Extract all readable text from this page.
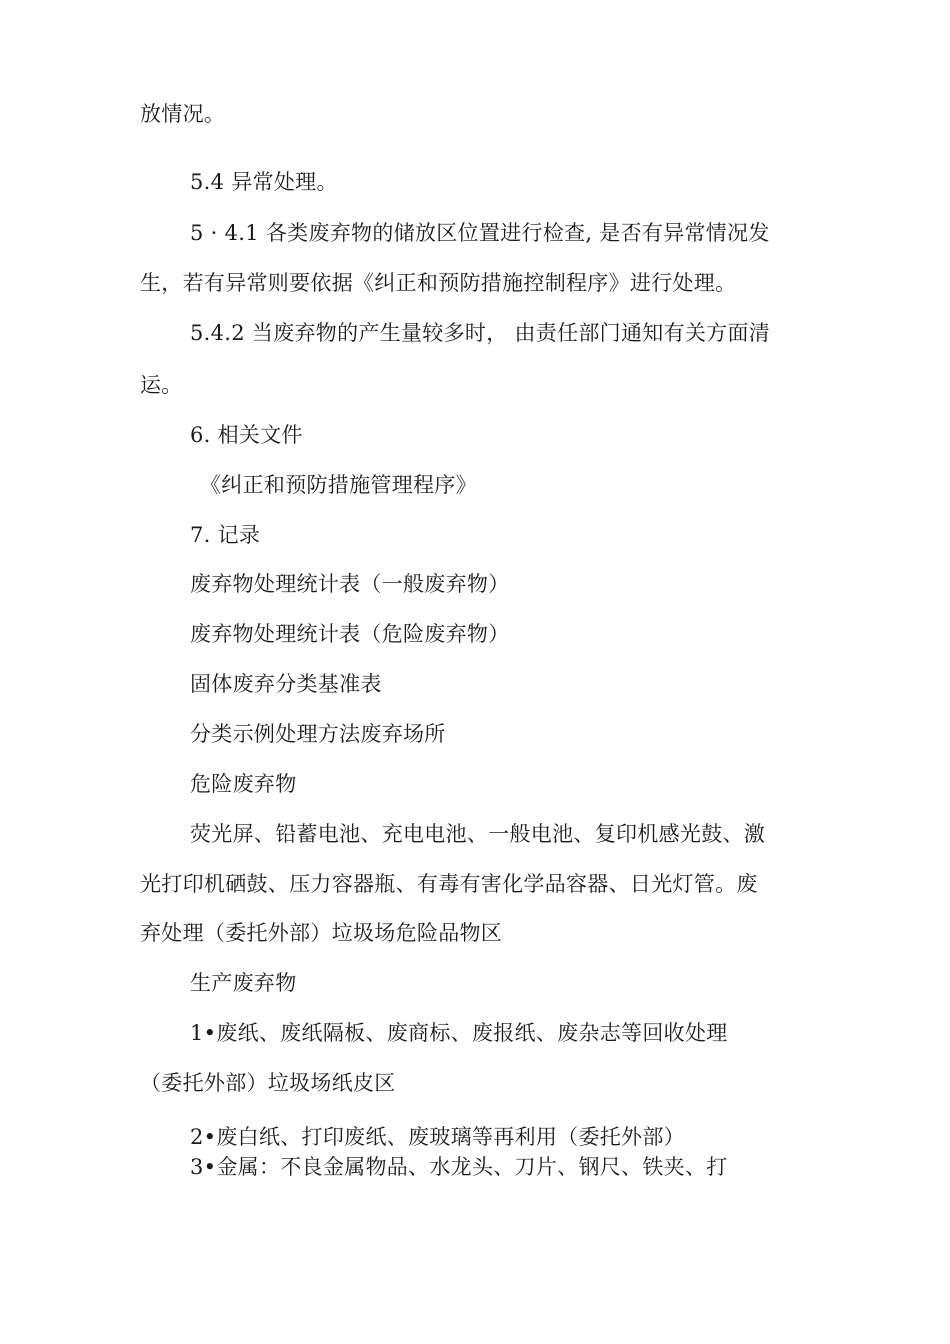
放情况。

5.4 异常处理。

5 · 4.1 各类废弃物的储放区位置进行检查, 是否有异常情况发

生，若有异常则要依据《纠正和预防措施控制程序》进行处理。

5.4.2 当废弃物的产生量较多时， 由责任部门通知有关方面清

运。

6. 相关文件

《纠正和预防措施管理程序》

7. 记录

废弃物处理统计表（一般废弃物）

废弃物处理统计表（危险废弃物）

固体废弃分类基准表

分类示例处理方法废弃场所

危险废弃物

荧光屏、铅蓄电池、充电电池、一般电池、复印机感光鼓、激

光打印机硒鼓、压力容器瓶、有毒有害化学品容器、日光灯管。废

弃处理（委托外部）垃圾场危险品物区

生产废弃物

1•废纸、废纸隔板、废商标、废报纸、废杂志等回收处理

（委托外部）垃圾场纸皮区

2•废白纸、打印废纸、废玻璃等再利用（委托外部）

3•金属：不良金属物品、水龙头、刀片、钢尺、铁夹、打
